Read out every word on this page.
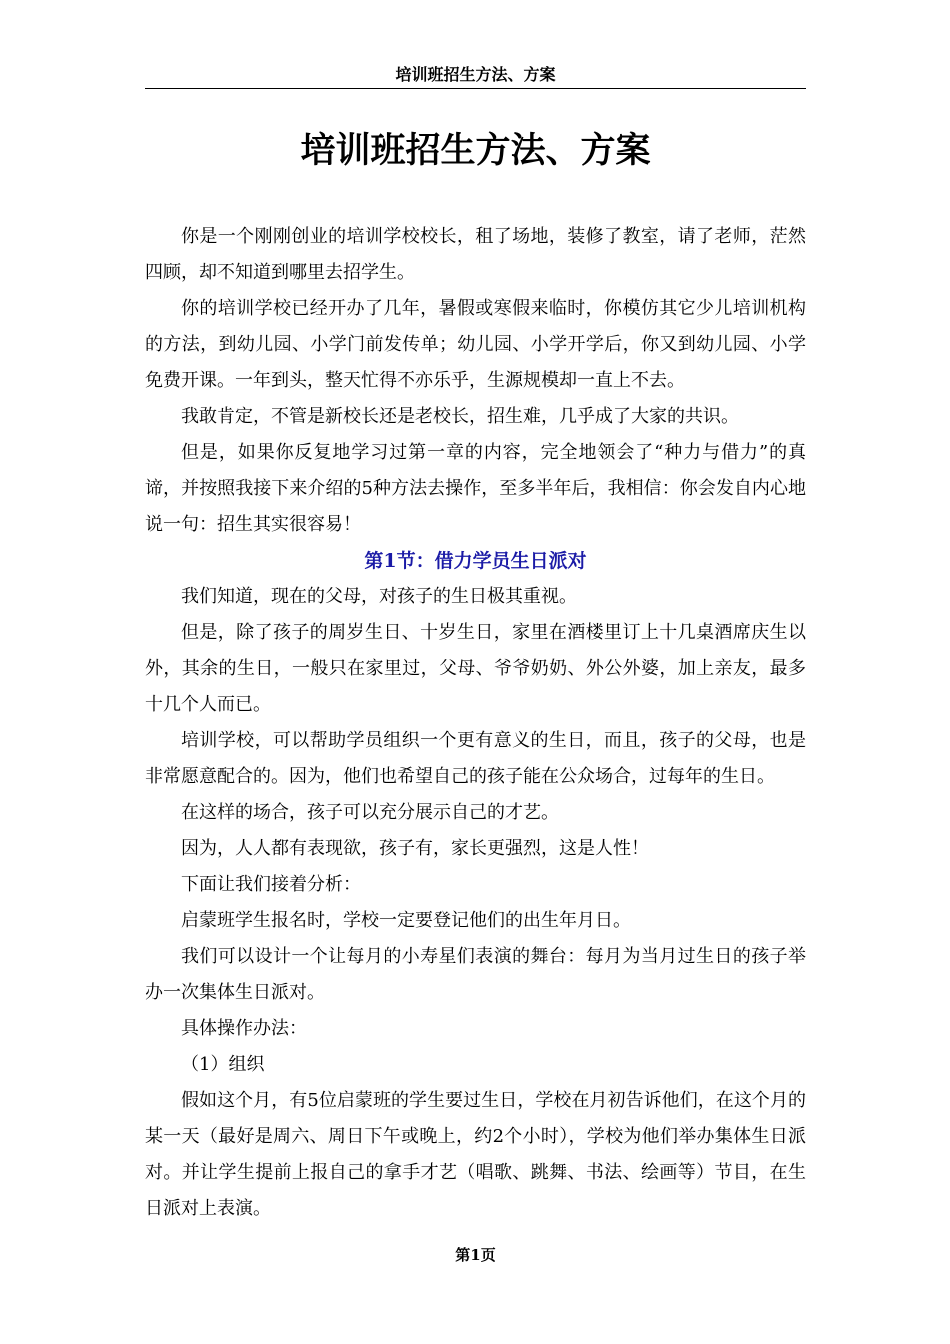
培训班招生方法、方案
培训班招生方法、方案

你是一个刚刚创业的培训学校校长，租了场地，装修了教室，请了老师，茫然四顾，却不知道到哪里去招学生。

你的培训学校已经开办了几年，暑假或寒假来临时，你模仿其它少儿培训机构的方法，到幼儿园、小学门前发传单；幼儿园、小学开学后，你又到幼儿园、小学免费开课。一年到头，整天忙得不亦乐乎，生源规模却一直上不去。

我敢肯定，不管是新校长还是老校长，招生难，几乎成了大家的共识。

但是，如果你反复地学习过第一章的内容，完全地领会了“种力与借力”的真谛，并按照我接下来介绍的5种方法去操作，至多半年后，我相信：你会发自内心地说一句：招生其实很容易！

第1节：借力学员生日派对

我们知道，现在的父母，对孩子的生日极其重视。

但是，除了孩子的周岁生日、十岁生日，家里在酒楼里订上十几桌酒席庆生以外，其余的生日，一般只在家里过，父母、爷爷奶奶、外公外婆，加上亲友，最多十几个人而已。

培训学校，可以帮助学员组织一个更有意义的生日，而且，孩子的父母，也是非常愿意配合的。因为，他们也希望自己的孩子能在公众场合，过每年的生日。

在这样的场合，孩子可以充分展示自己的才艺。

因为，人人都有表现欲，孩子有，家长更强烈，这是人性！

下面让我们接着分析：

启蒙班学生报名时，学校一定要登记他们的出生年月日。

我们可以设计一个让每月的小寿星们表演的舞台：每月为当月过生日的孩子举办一次集体生日派对。

具体操作办法：

（1）组织

假如这个月，有5位启蒙班的学生要过生日，学校在月初告诉他们，在这个月的某一天（最好是周六、周日下午或晚上，约2个小时），学校为他们举办集体生日派对。并让学生提前上报自己的拿手才艺（唱歌、跳舞、书法、绘画等）节目，在生日派对上表演。

第1页
